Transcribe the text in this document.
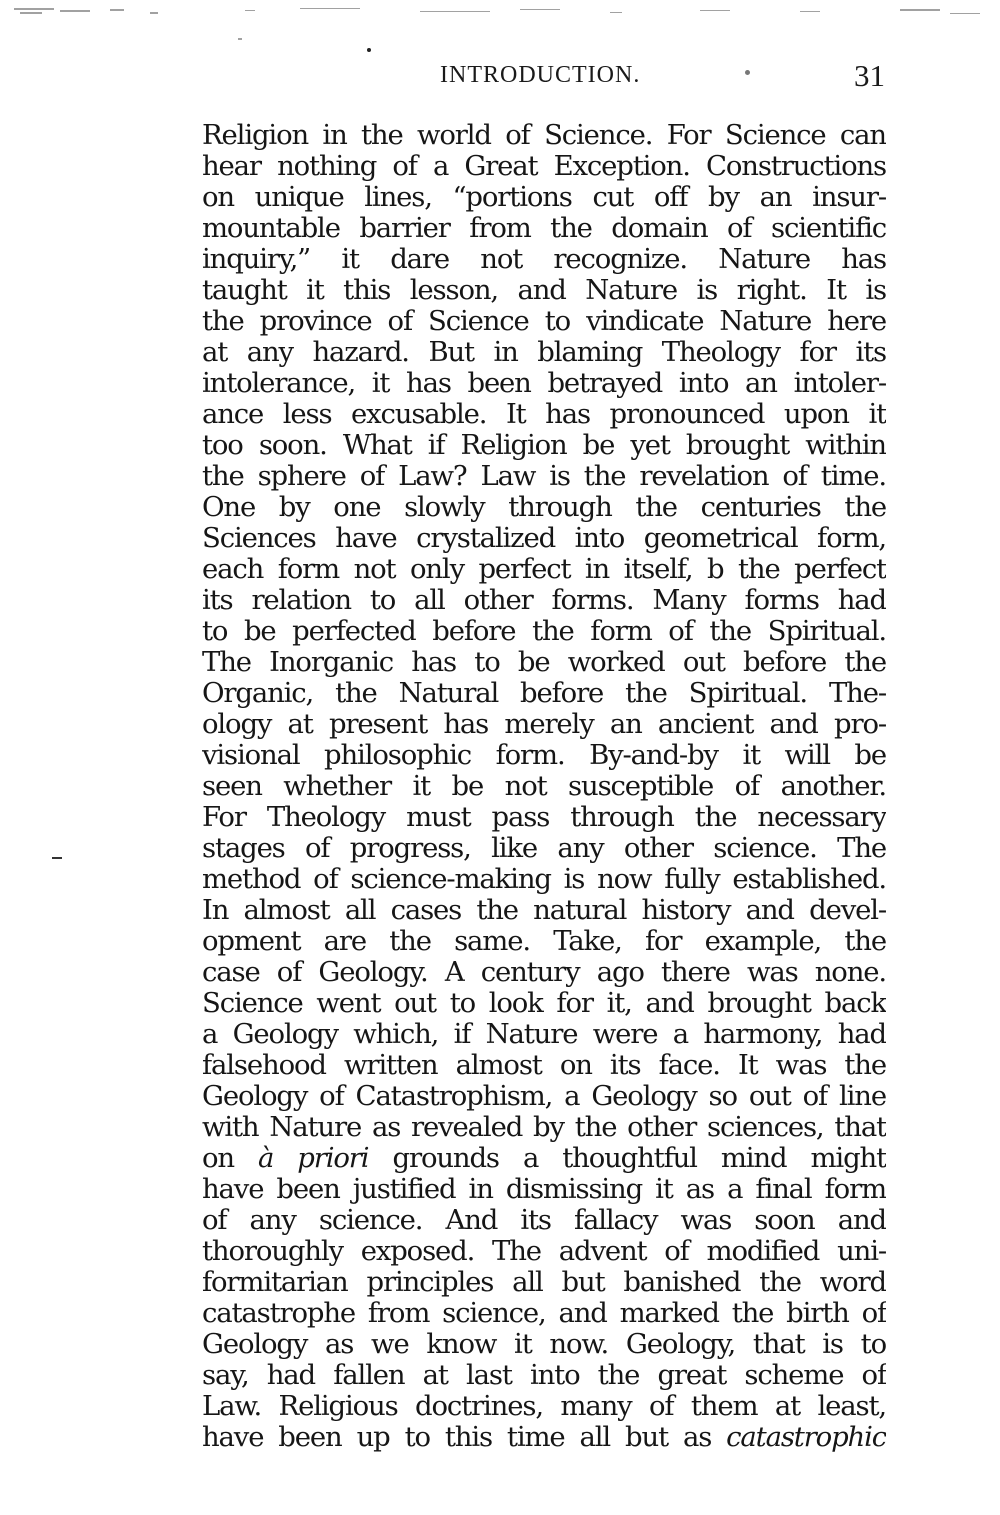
INTRODUCTION.	31
Religion in the world of Science. For Science can
hear nothing of a Great Exception. Constructions
on unique lines, “portions cut off by an insur-
mountable barrier from the domain of scientific
inquiry,” it dare not recognize. Nature has
taught it this lesson, and Nature is right. It is
the province of Science to vindicate Nature here
at any hazard. But in blaming Theology for its
intolerance, it has been betrayed into an intoler-
ance less excusable. It has pronounced upon it
too soon. What if Religion be yet brought within
the sphere of Law? Law is the revelation of time.
One by one slowly through the centuries the
Sciences have crystalized into geometrical form,
each form not only perfect in itself, b the perfect
its relation to all other forms. Many forms had
to be perfected before the form of the Spiritual.
The Inorganic has to be worked out before the
Organic, the Natural before the Spiritual. The-
ology at present has merely an ancient and pro-
visional philosophic form. By-and-by it will be
seen whether it be not susceptible of another.
For Theology must pass through the necessary
stages of progress, like any other science. The
method of science-making is now fully established.
In almost all cases the natural history and devel-
opment are the same. Take, for example, the
case of Geology. A century ago there was none.
Science went out to look for it, and brought back
a Geology which, if Nature were a harmony, had
falsehood written almost on its face. It was the
Geology of Catastrophism, a Geology so out of line
with Nature as revealed by the other sciences, that
on à priori grounds a thoughtful mind might
have been justified in dismissing it as a final form
of any science. And its fallacy was soon and
thoroughly exposed. The advent of modified uni-
formitarian principles all but banished the word
catastrophe from science, and marked the birth of
Geology as we know it now. Geology, that is to
say, had fallen at last into the great scheme of
Law. Religious doctrines, many of them at least,
have been up to this time all but as catastrophic
